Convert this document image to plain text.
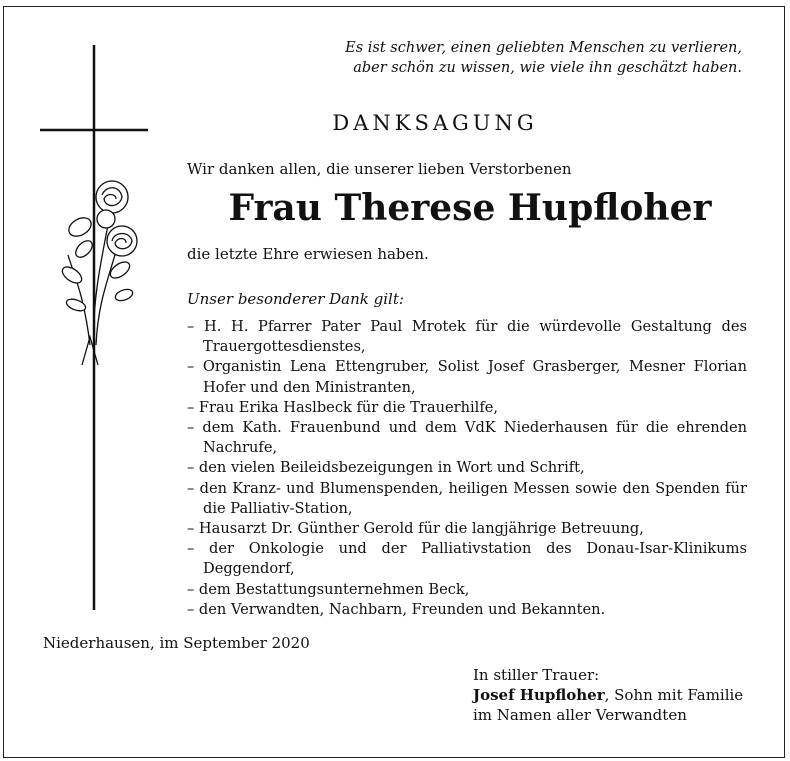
Es ist schwer, einen geliebten Menschen zu verlieren,
aber schön zu wissen, wie viele ihn geschätzt haben.
DANKSAGUNG
Wir danken allen, die unserer lieben Verstorbenen
Frau Therese Hupfloher
die letzte Ehre erwiesen haben.
Unser besonderer Dank gilt:
– H. H. Pfarrer Pater Paul Mrotek für die würdevolle Gestaltung des Trauergottesdienstes,
– Organistin Lena Ettengruber, Solist Josef Grasberger, Mesner Florian Hofer und den Ministranten,
– Frau Erika Haslbeck für die Trauerhilfe,
– dem Kath. Frauenbund und dem VdK Niederhausen für die ehrenden Nachrufe,
– den vielen Beileidsbezeigungen in Wort und Schrift,
– den Kranz- und Blumenspenden, heiligen Messen sowie den Spenden für die Palliativ-Station,
– Hausarzt Dr. Günther Gerold für die langjährige Betreuung,
– der Onkologie und der Palliativstation des Donau-Isar-Klinikums Deggendorf,
– dem Bestattungsunternehmen Beck,
– den Verwandten, Nachbarn, Freunden und Bekannten.
Niederhausen, im September 2020
In stiller Trauer:
Josef Hupfloher, Sohn mit Familie
im Namen aller Verwandten
